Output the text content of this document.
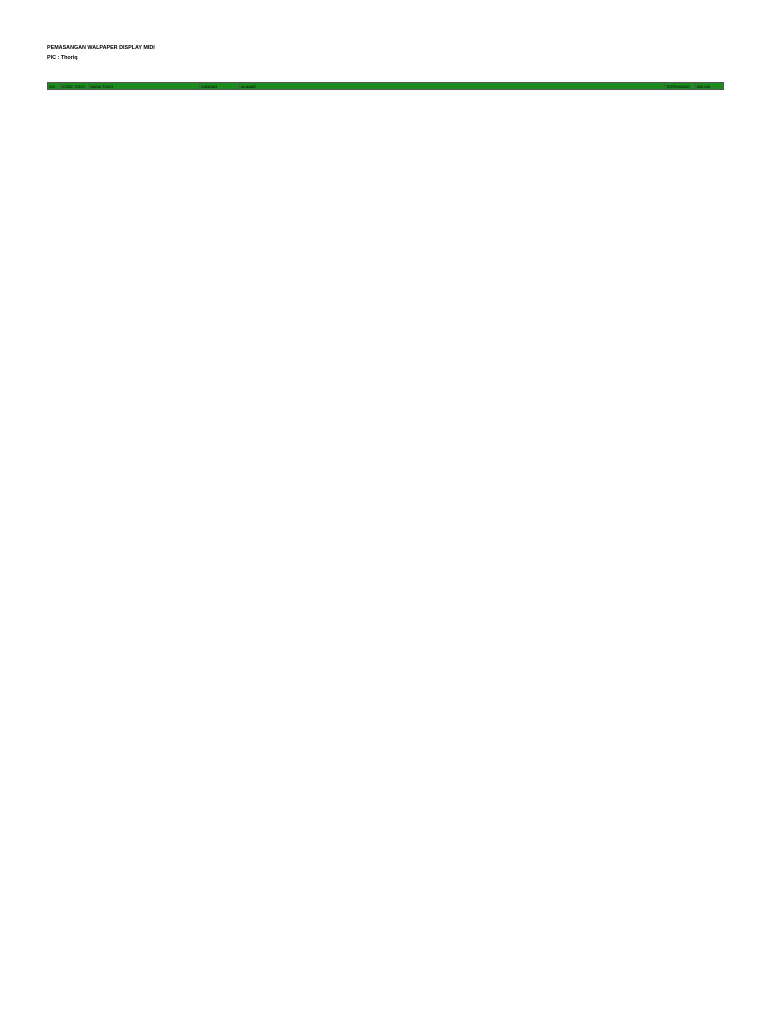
PEMASANGAN WALPAPER DISPLAY MIDI
PIC : Thoriq
NO	KODE TOKO	NAMA TOKO	CABANG	ALAMAT	TERPASANG	BELUM
